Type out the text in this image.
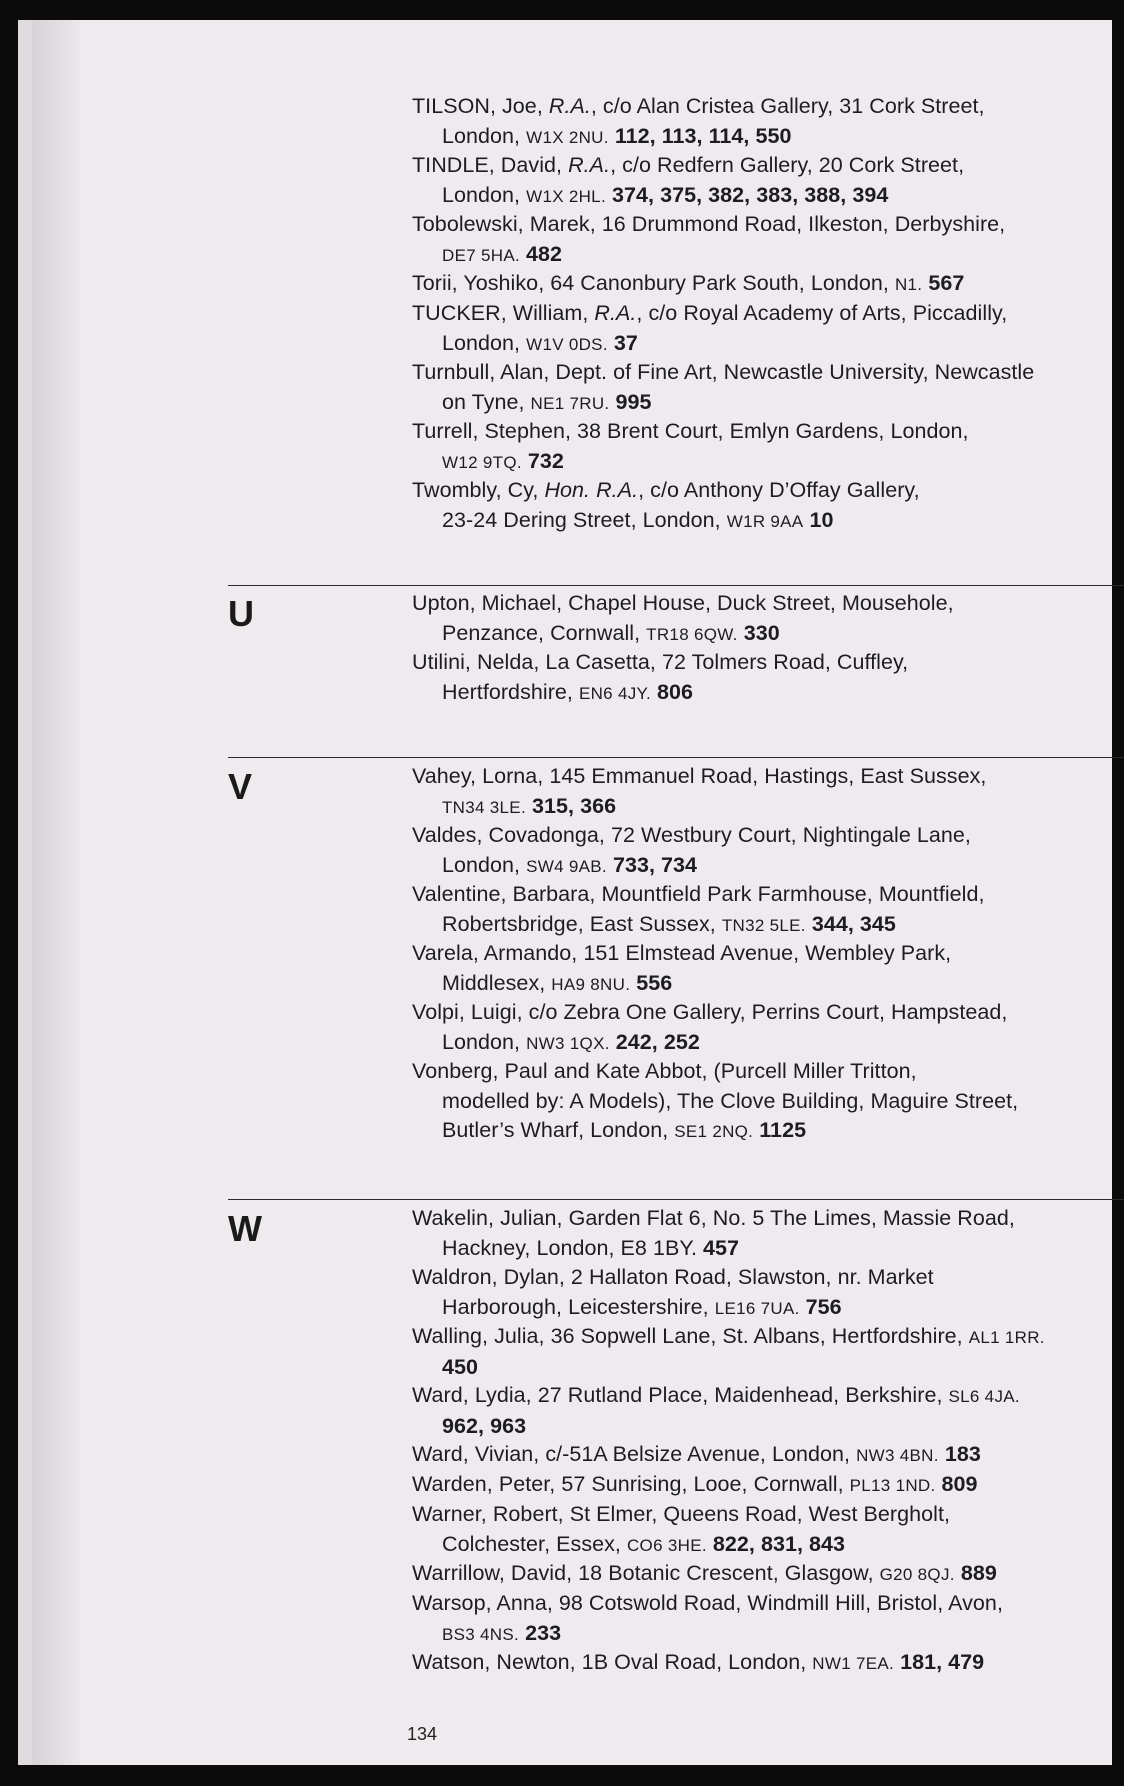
U
V
W
TILSON, Joe, R.A., c/o Alan Cristea Gallery, 31 Cork Street,
London, W1X 2NU. 112, 113, 114, 550
TINDLE, David, R.A., c/o Redfern Gallery, 20 Cork Street,
London, W1X 2HL. 374, 375, 382, 383, 388, 394
Tobolewski, Marek, 16 Drummond Road, Ilkeston, Derbyshire,
DE7 5HA. 482
Torii, Yoshiko, 64 Canonbury Park South, London, N1. 567
TUCKER, William, R.A., c/o Royal Academy of Arts, Piccadilly,
London, W1V 0DS. 37
Turnbull, Alan, Dept. of Fine Art, Newcastle University, Newcastle
on Tyne, NE1 7RU. 995
Turrell, Stephen, 38 Brent Court, Emlyn Gardens, London,
W12 9TQ. 732
Twombly, Cy, Hon. R.A., c/o Anthony D’Offay Gallery,
23-24 Dering Street, London, W1R 9AA 10
Upton, Michael, Chapel House, Duck Street, Mousehole,
Penzance, Cornwall, TR18 6QW. 330
Utilini, Nelda, La Casetta, 72 Tolmers Road, Cuffley,
Hertfordshire, EN6 4JY. 806
Vahey, Lorna, 145 Emmanuel Road, Hastings, East Sussex,
TN34 3LE. 315, 366
Valdes, Covadonga, 72 Westbury Court, Nightingale Lane,
London, SW4 9AB. 733, 734
Valentine, Barbara, Mountfield Park Farmhouse, Mountfield,
Robertsbridge, East Sussex, TN32 5LE. 344, 345
Varela, Armando, 151 Elmstead Avenue, Wembley Park,
Middlesex, HA9 8NU. 556
Volpi, Luigi, c/o Zebra One Gallery, Perrins Court, Hampstead,
London, NW3 1QX. 242, 252
Vonberg, Paul and Kate Abbot, (Purcell Miller Tritton,
modelled by: A Models), The Clove Building, Maguire Street,
Butler’s Wharf, London, SE1 2NQ. 1125
Wakelin, Julian, Garden Flat 6, No. 5 The Limes, Massie Road,
Hackney, London, E8 1BY. 457
Waldron, Dylan, 2 Hallaton Road, Slawston, nr. Market
Harborough, Leicestershire, LE16 7UA. 756
Walling, Julia, 36 Sopwell Lane, St. Albans, Hertfordshire, AL1 1RR.
450
Ward, Lydia, 27 Rutland Place, Maidenhead, Berkshire, SL6 4JA.
962, 963
Ward, Vivian, c/-51A Belsize Avenue, London, NW3 4BN. 183
Warden, Peter, 57 Sunrising, Looe, Cornwall, PL13 1ND. 809
Warner, Robert, St Elmer, Queens Road, West Bergholt,
Colchester, Essex, CO6 3HE. 822, 831, 843
Warrillow, David, 18 Botanic Crescent, Glasgow, G20 8QJ. 889
Warsop, Anna, 98 Cotswold Road, Windmill Hill, Bristol, Avon,
BS3 4NS. 233
Watson, Newton, 1B Oval Road, London, NW1 7EA. 181, 479
134
